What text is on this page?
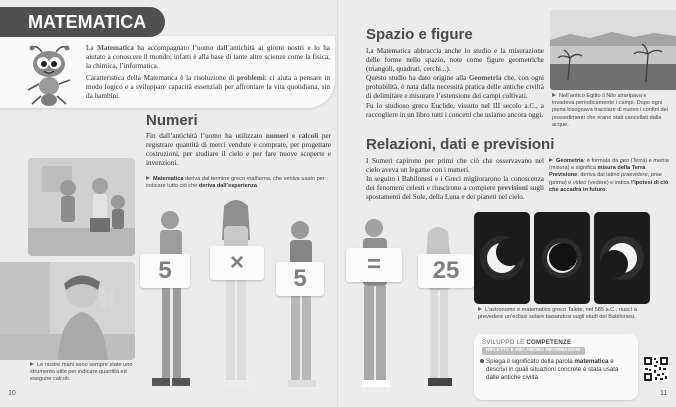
MATEMATICA

La Matematica ha accompagnato l’uomo dall’antichità ai giorni nostri e lo ha aiutato a conoscere il mondo; infatti è alla base di tante altre scienze come la fisica, la chimica, l’informatica.

Caratteristica della Matematica è la risoluzione di problemi: ci aiuta a pensare in modo logico e a sviluppare capacità essenziali per affrontare la vita quotidiana, sin da bambini.

Numeri

Fin dall’antichità l’uomo ha utilizzato numeri e calcoli per registrare quantità di merci vendute e comprate, per progettare costruzioni, per studiare il cielo e per fare nuove scoperte e invenzioni.

Matematica deriva dal termine greco mathema, che veniva usato per indicare tutto ciò che deriva dall’esperienza.
Le nostre mani sono sempre state uno strumento utile per indicare quantità ed eseguire calcoli.
10
5	×
5
=	25
Spazio e figure

La Matematica abbraccia anche lo studio e la misurazione delle forme nello spazio, note come figure geometriche (triangoli, quadrati, cerchi...).

Questo studio ha dato origine alla Geometria che, con ogni probabilità, è nata dalla necessità pratica delle antiche civiltà di delimitare e misurare l’estensione dei campi coltivati.

Fu lo studioso greco Euclide, vissuto nel III secolo a.C., a raccogliere in un libro tutti i concetti che usiamo ancora oggi.

Nell’antico Egitto il Nilo straripava e invadeva periodicamente i campi. Dopo ogni piena bisognava tracciare di nuovo i confini dei possedimenti che erano stati cancellati dalle acque.
Relazioni, dati e previsioni

I Sumeri capirono per primi che ciò che osservavano nel cielo aveva un legame con i numeri.

In seguito i Babilonesi e i Greci migliorarono la conoscenza dei fenomeni celesti e riuscirono a compiere previsioni sugli spostamenti del Sole, della Luna e dei pianeti nel cielo.

Geometria: è formata da geo (Terra) e metria (misura) e significa misura della Terra.
Previsione: deriva dal latino praevidere, prae (prima) e video (vedere) e indica l’ipotesi di ciò che accadrà in futuro.
L’astronomo e matematico greco Talete, nel 585 a.C., riuscì a prevedere un’eclissi solare basandosi sugli studi dei Babilonesi.
SVILUPPO LE COMPETENZE
RIFLETTO E RIELABORO INFORMAZIONI
Spiega il significato della parola matematica e descrivi in quali situazioni concrete è stata usata dalle antiche civiltà.
11
